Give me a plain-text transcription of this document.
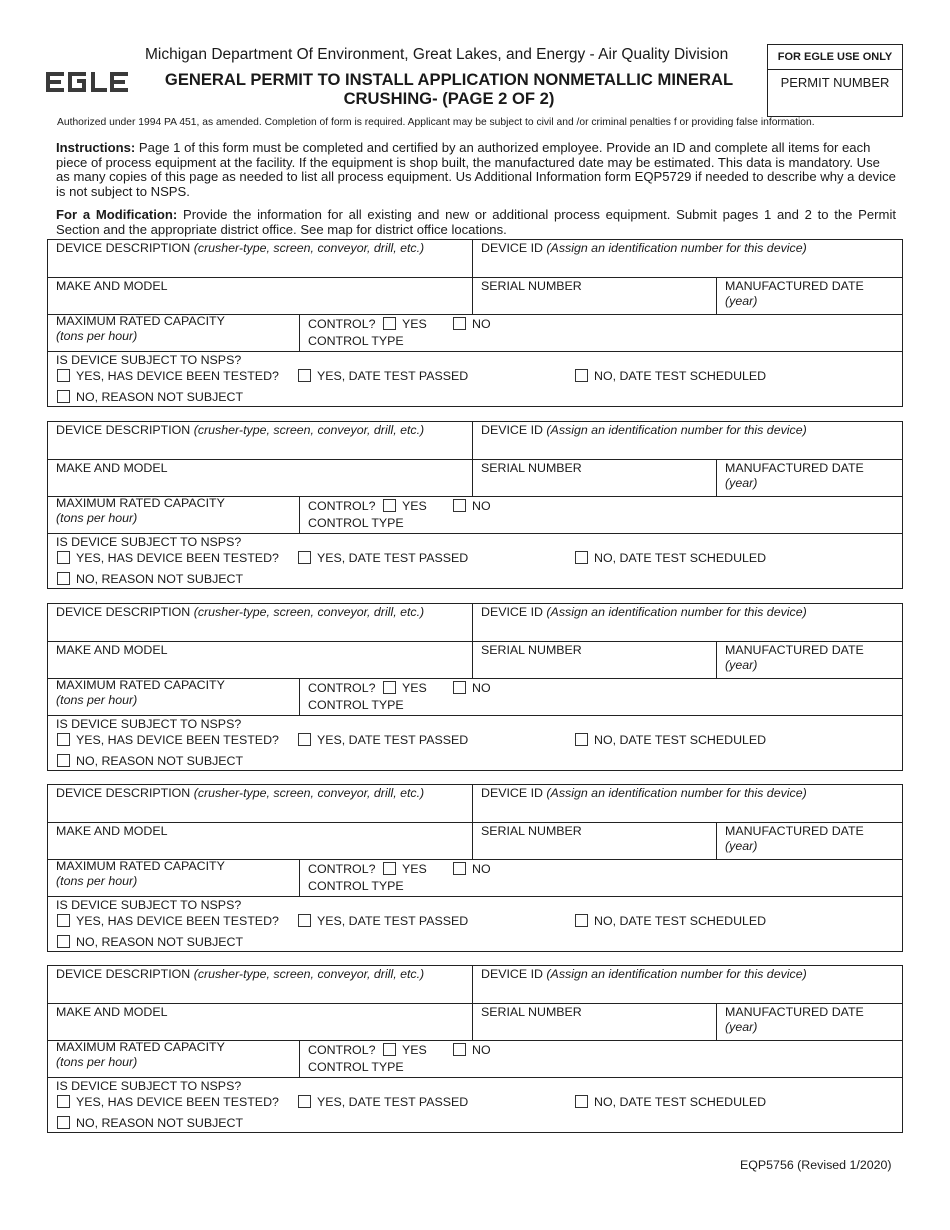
Michigan Department Of Environment, Great Lakes, and Energy - Air Quality Division
GENERAL PERMIT TO INSTALL APPLICATION NONMETALLIC MINERAL
CRUSHING- (PAGE 2 OF 2)
FOR EGLE USE ONLY
PERMIT NUMBER
Authorized under 1994 PA 451, as amended. Completion of form is required. Applicant may be subject to civil and /or criminal penalties f or providing false information.
Instructions: Page 1 of this form must be completed and certified by an authorized employee. Provide an ID and complete all items for each piece of process equipment at the facility. If the equipment is shop built, the manufactured date may be estimated. This data is mandatory. Use as many copies of this page as needed to list all process equipment. Us Additional Information form EQP5729 if needed to describe why a device is not subject to NSPS.
For a Modification: Provide the information for all existing and new or additional process equipment. Submit pages 1 and 2 to the Permit Section and the appropriate district office. See map for district office locations.
DEVICE DESCRIPTION (crusher-type, screen, conveyor, drill, etc.)	DEVICE ID (Assign an identification number for this device)
MAKE AND MODEL	SERIAL NUMBER	MANUFACTURED DATE
(year)
MAXIMUM RATED CAPACITY
(tons per hour)
CONTROL?	YES	NO
CONTROL TYPE
IS DEVICE SUBJECT TO NSPS?
YES, HAS DEVICE BEEN TESTED?	YES, DATE TEST PASSED	NO, DATE TEST SCHEDULED
NO, REASON NOT SUBJECT
DEVICE DESCRIPTION (crusher-type, screen, conveyor, drill, etc.)	DEVICE ID (Assign an identification number for this device)
MAKE AND MODEL	SERIAL NUMBER	MANUFACTURED DATE
(year)
MAXIMUM RATED CAPACITY
(tons per hour)
CONTROL?	YES	NO
CONTROL TYPE
IS DEVICE SUBJECT TO NSPS?
YES, HAS DEVICE BEEN TESTED?	YES, DATE TEST PASSED	NO, DATE TEST SCHEDULED
NO, REASON NOT SUBJECT
DEVICE DESCRIPTION (crusher-type, screen, conveyor, drill, etc.)	DEVICE ID (Assign an identification number for this device)
MAKE AND MODEL	SERIAL NUMBER	MANUFACTURED DATE
(year)
MAXIMUM RATED CAPACITY
(tons per hour)
CONTROL?	YES	NO
CONTROL TYPE
IS DEVICE SUBJECT TO NSPS?
YES, HAS DEVICE BEEN TESTED?	YES, DATE TEST PASSED	NO, DATE TEST SCHEDULED
NO, REASON NOT SUBJECT
DEVICE DESCRIPTION (crusher-type, screen, conveyor, drill, etc.)	DEVICE ID (Assign an identification number for this device)
MAKE AND MODEL	SERIAL NUMBER	MANUFACTURED DATE
(year)
MAXIMUM RATED CAPACITY
(tons per hour)
CONTROL?	YES	NO
CONTROL TYPE
IS DEVICE SUBJECT TO NSPS?
YES, HAS DEVICE BEEN TESTED?	YES, DATE TEST PASSED	NO, DATE TEST SCHEDULED
NO, REASON NOT SUBJECT
DEVICE DESCRIPTION (crusher-type, screen, conveyor, drill, etc.)	DEVICE ID (Assign an identification number for this device)
MAKE AND MODEL	SERIAL NUMBER	MANUFACTURED DATE
(year)
MAXIMUM RATED CAPACITY
(tons per hour)
CONTROL?	YES	NO
CONTROL TYPE
IS DEVICE SUBJECT TO NSPS?
YES, HAS DEVICE BEEN TESTED?	YES, DATE TEST PASSED	NO, DATE TEST SCHEDULED
NO, REASON NOT SUBJECT
EQP5756 (Revised 1/2020)
